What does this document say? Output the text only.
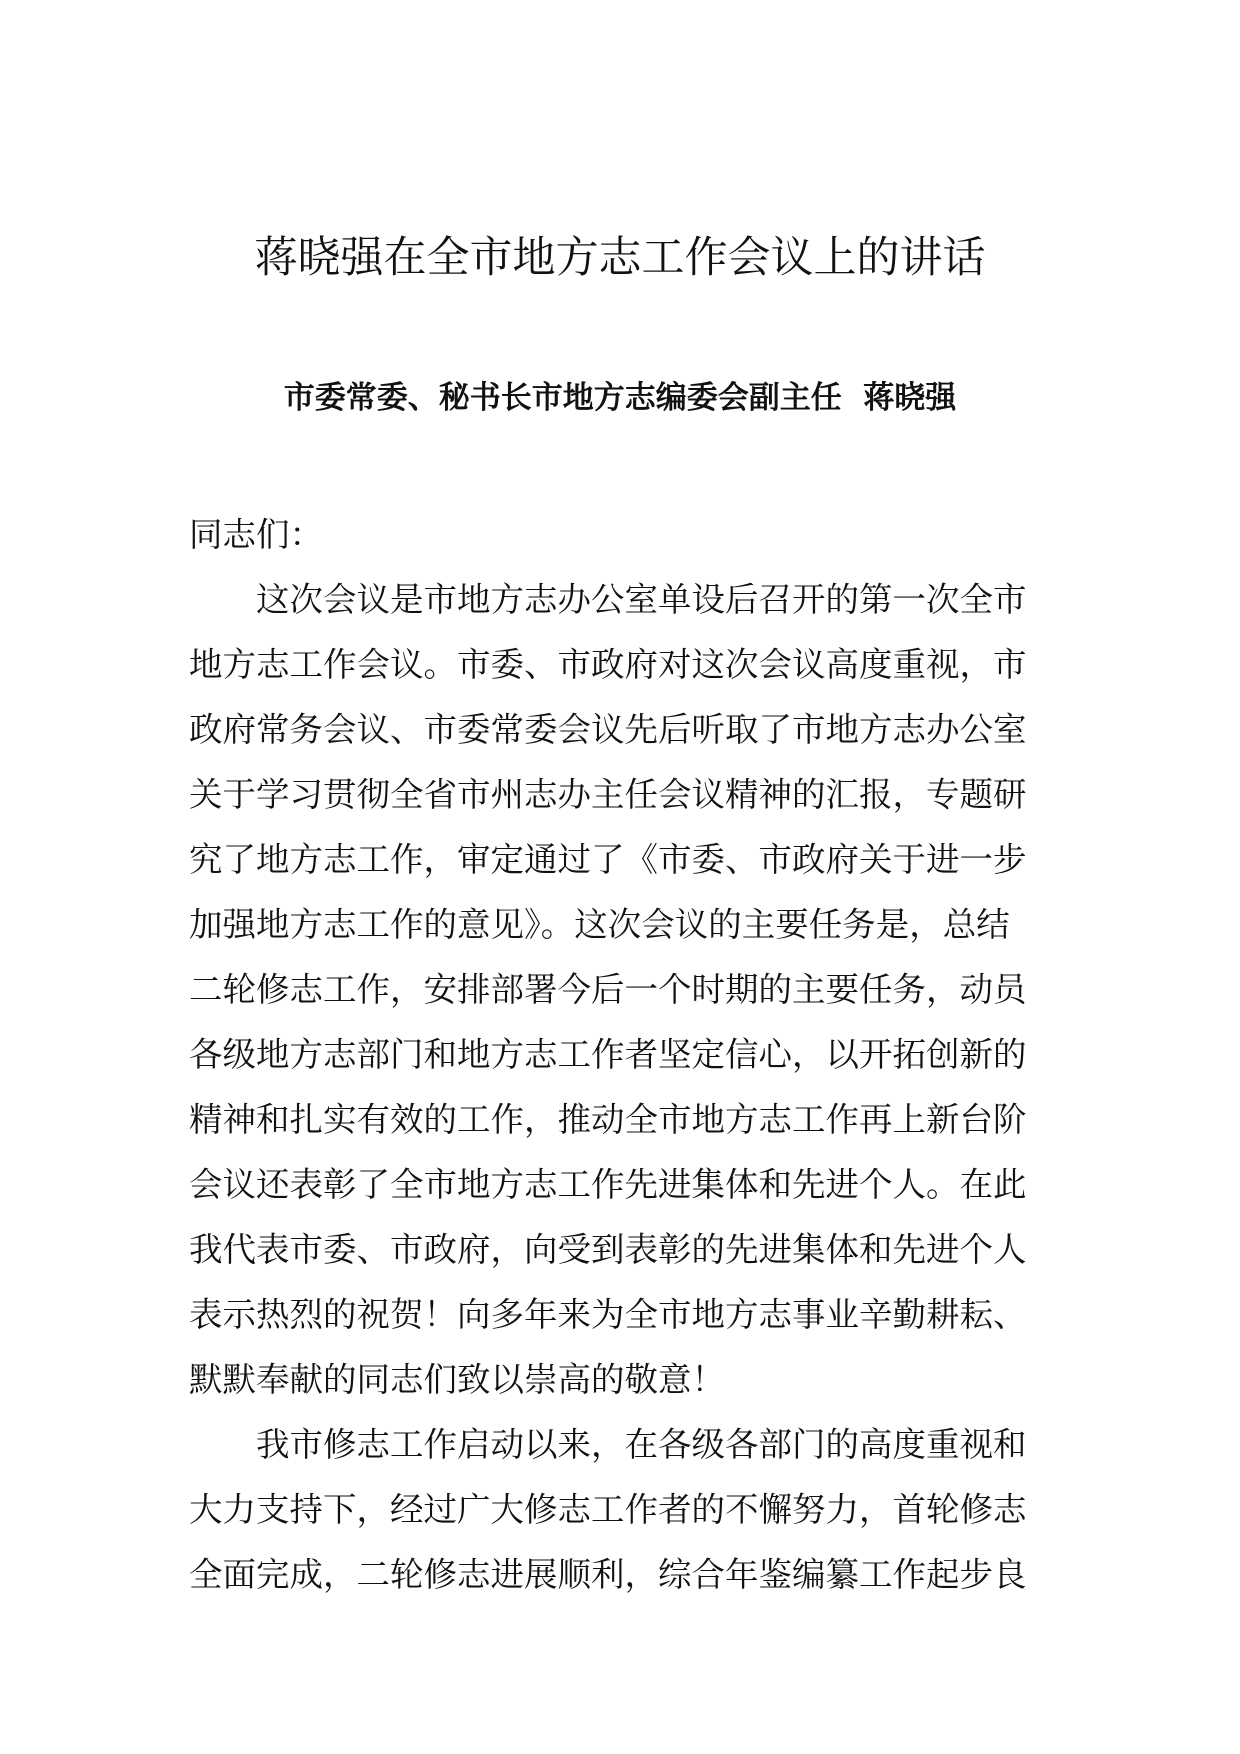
蒋晓强在全市地方志工作会议上的讲话

市委常委、秘书长市地方志编委会副主任  蒋晓强

同志们：
这次会议是市地方志办公室单设后召开的第一次全市
地方志工作会议。市委、市政府对这次会议高度重视，市
政府常务会议、市委常委会议先后听取了市地方志办公室
关于学习贯彻全省市州志办主任会议精神的汇报，专题研
究了地方志工作，审定通过了《市委、市政府关于进一步
加强地方志工作的意见》。这次会议的主要任务是，总结
二轮修志工作，安排部署今后一个时期的主要任务，动员
各级地方志部门和地方志工作者坚定信心，以开拓创新的
精神和扎实有效的工作，推动全市地方志工作再上新台阶
会议还表彰了全市地方志工作先进集体和先进个人。在此
我代表市委、市政府，向受到表彰的先进集体和先进个人
表示热烈的祝贺！向多年来为全市地方志事业辛勤耕耘、
默默奉献的同志们致以崇高的敬意！
我市修志工作启动以来，在各级各部门的高度重视和
大力支持下，经过广大修志工作者的不懈努力，首轮修志
全面完成，二轮修志进展顺利，综合年鉴编纂工作起步良
